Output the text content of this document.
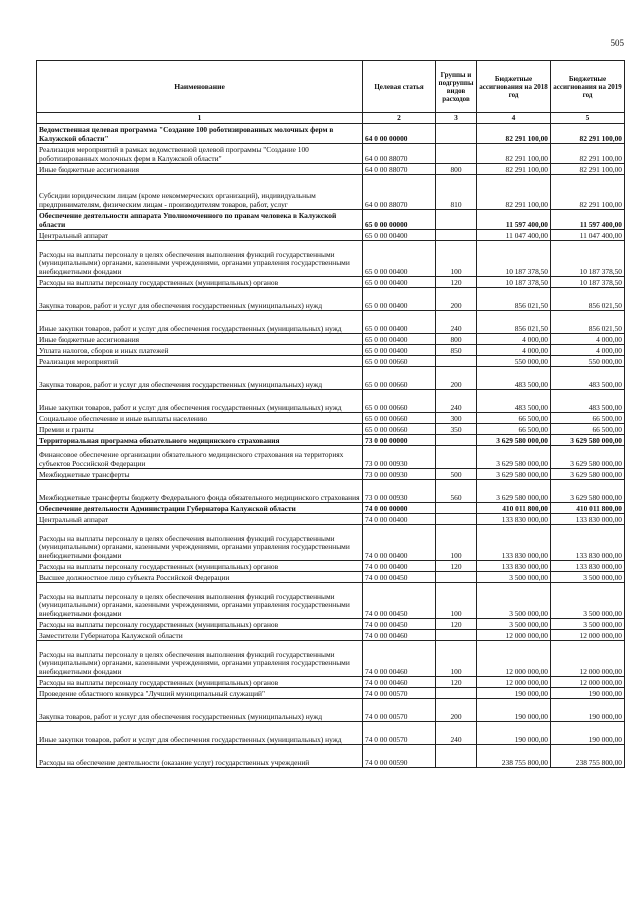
505
Наименование	Целевая статья	Группы и подгруппы видов расходов	Бюджетные ассигнования на 2018 год	Бюджетные ассигнования на 2019 год
1	2	3	4	5
Ведомственная целевая программа "Создание 100 роботизированных молочных ферм в Калужской области"	64 0 00 00000		82 291 100,00	82 291 100,00
Реализация мероприятий в рамках ведомственной целевой программы "Создание 100 роботизированных молочных ферм в Калужской области"	64 0 00 88070		82 291 100,00	82 291 100,00
Иные бюджетные ассигнования	64 0 00 88070	800	82 291 100,00	82 291 100,00
Субсидии юридическим лицам (кроме некоммерческих организаций), индивидуальным предпринимателям, физическим лицам - производителям товаров, работ, услуг	64 0 00 88070	810	82 291 100,00	82 291 100,00
Обеспечение деятельности аппарата Уполномоченного по правам человека в Калужской области	65 0 00 00000		11 597 400,00	11 597 400,00
Центральный аппарат	65 0 00 00400		11 047 400,00	11 047 400,00
Расходы на выплаты персоналу в целях обеспечения выполнения функций государственными (муниципальными) органами, казенными учреждениями, органами управления государственными внебюджетными фондами	65 0 00 00400	100	10 187 378,50	10 187 378,50
Расходы на выплаты персоналу государственных (муниципальных) органов	65 0 00 00400	120	10 187 378,50	10 187 378,50
Закупка товаров, работ и услуг для обеспечения государственных (муниципальных) нужд	65 0 00 00400	200	856 021,50	856 021,50
Иные закупки товаров, работ и услуг для обеспечения государственных (муниципальных) нужд	65 0 00 00400	240	856 021,50	856 021,50
Иные бюджетные ассигнования	65 0 00 00400	800	4 000,00	4 000,00
Уплата налогов, сборов и иных платежей	65 0 00 00400	850	4 000,00	4 000,00
Реализация мероприятий	65 0 00 00660		550 000,00	550 000,00
Закупка товаров, работ и услуг для обеспечения государственных (муниципальных) нужд	65 0 00 00660	200	483 500,00	483 500,00
Иные закупки товаров, работ и услуг для обеспечения государственных (муниципальных) нужд	65 0 00 00660	240	483 500,00	483 500,00
Социальное обеспечение и иные выплаты населению	65 0 00 00660	300	66 500,00	66 500,00
Премии и гранты	65 0 00 00660	350	66 500,00	66 500,00
Территориальная программа обязательного медицинского страхования	73 0 00 00000		3 629 580 000,00	3 629 580 000,00
Финансовое обеспечение организации обязательного медицинского страхования на территориях субъектов Российской Федерации	73 0 00 00930		3 629 580 000,00	3 629 580 000,00
Межбюджетные трансферты	73 0 00 00930	500	3 629 580 000,00	3 629 580 000,00
Межбюджетные трансферты бюджету Федерального фонда обязательного медицинского страхования	73 0 00 00930	560	3 629 580 000,00	3 629 580 000,00
Обеспечение деятельности Администрации Губернатора Калужской области	74 0 00 00000		410 011 800,00	410 011 800,00
Центральный аппарат	74 0 00 00400		133 830 000,00	133 830 000,00
Расходы на выплаты персоналу в целях обеспечения выполнения функций государственными (муниципальными) органами, казенными учреждениями, органами управления государственными внебюджетными фондами	74 0 00 00400	100	133 830 000,00	133 830 000,00
Расходы на выплаты персоналу государственных (муниципальных) органов	74 0 00 00400	120	133 830 000,00	133 830 000,00
Высшее должностное лицо субъекта Российской Федерации	74 0 00 00450		3 500 000,00	3 500 000,00
Расходы на выплаты персоналу в целях обеспечения выполнения функций государственными (муниципальными) органами, казенными учреждениями, органами управления государственными внебюджетными фондами	74 0 00 00450	100	3 500 000,00	3 500 000,00
Расходы на выплаты персоналу государственных (муниципальных) органов	74 0 00 00450	120	3 500 000,00	3 500 000,00
Заместители Губернатора Калужской области	74 0 00 00460		12 000 000,00	12 000 000,00
Расходы на выплаты персоналу в целях обеспечения выполнения функций государственными (муниципальными) органами, казенными учреждениями, органами управления государственными внебюджетными фондами	74 0 00 00460	100	12 000 000,00	12 000 000,00
Расходы на выплаты персоналу государственных (муниципальных) органов	74 0 00 00460	120	12 000 000,00	12 000 000,00
Проведение областного конкурса "Лучший муниципальный служащий"	74 0 00 00570		190 000,00	190 000,00
Закупка товаров, работ и услуг для обеспечения государственных (муниципальных) нужд	74 0 00 00570	200	190 000,00	190 000,00
Иные закупки товаров, работ и услуг для обеспечения государственных (муниципальных) нужд	74 0 00 00570	240	190 000,00	190 000,00
Расходы на обеспечение деятельности (оказание услуг) государственных учреждений	74 0 00 00590		238 755 800,00	238 755 800,00
